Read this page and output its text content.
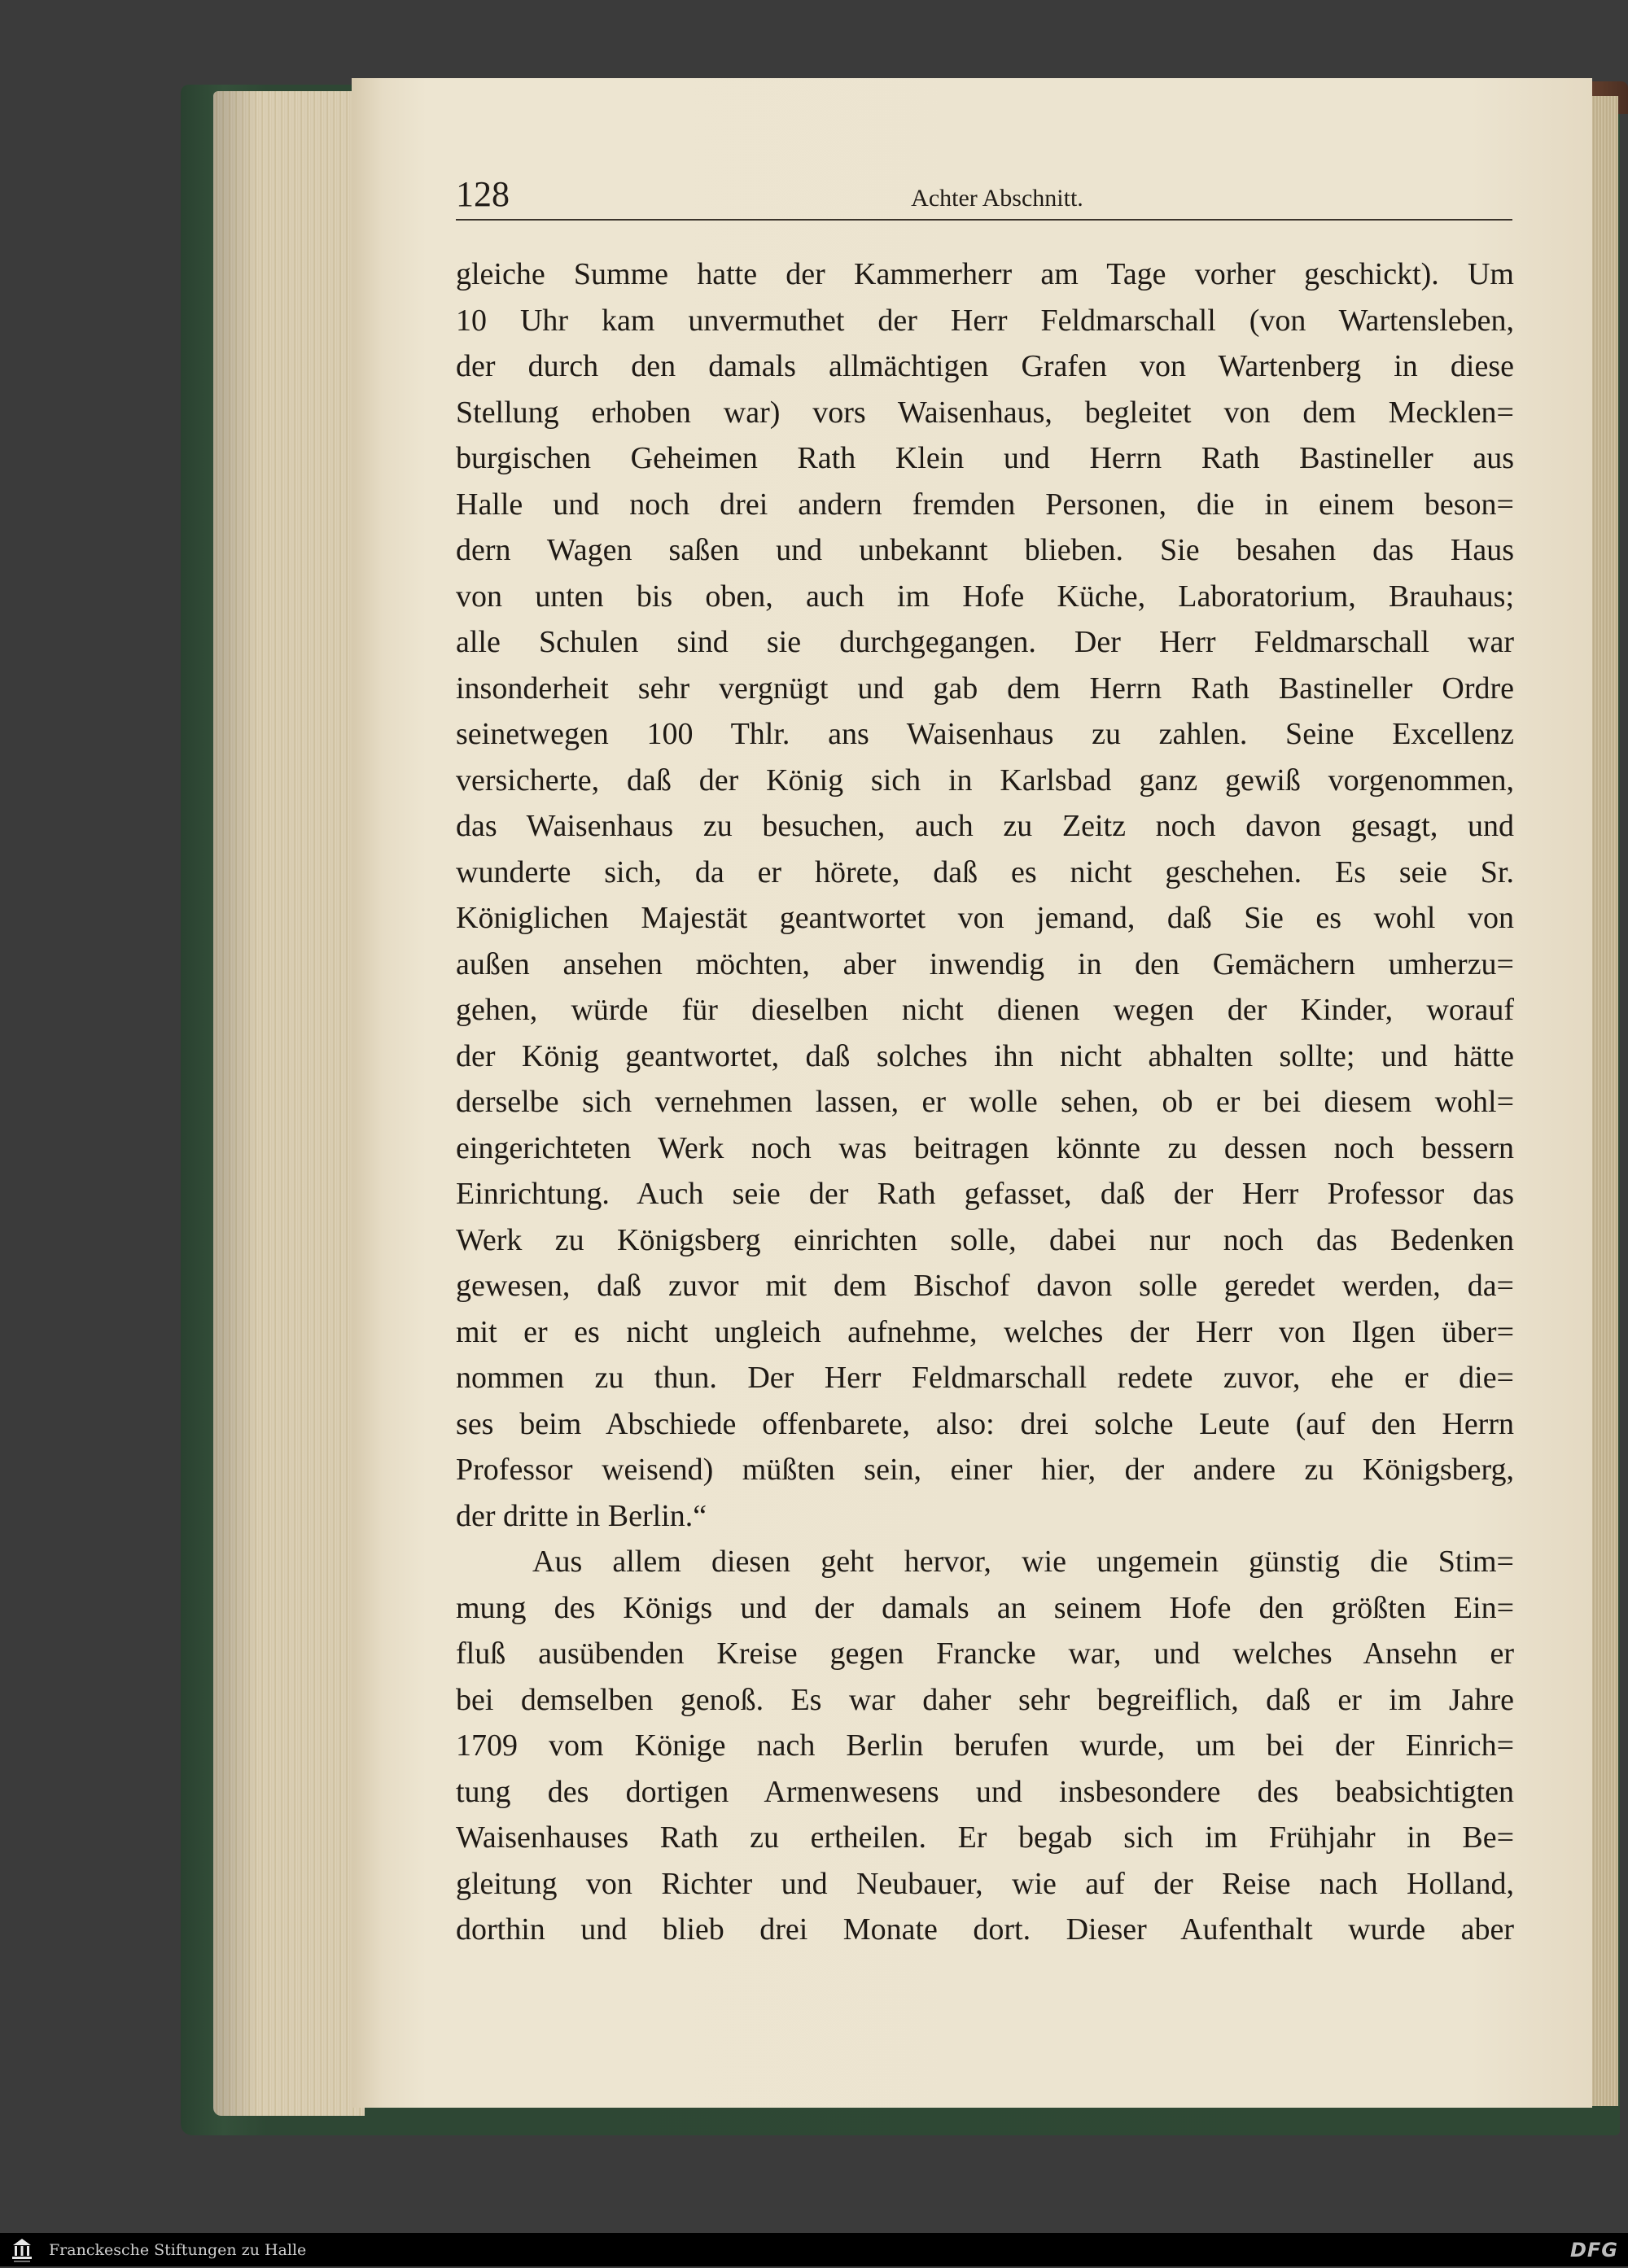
128	Achter Abschnitt.
gleiche Summe hatte der Kammerherr am Tage vorher geschickt). Um
10 Uhr kam unvermuthet der Herr Feldmarschall (von Wartensleben,
der durch den damals allmächtigen Grafen von Wartenberg in diese
Stellung erhoben war) vors Waisenhaus, begleitet von dem Mecklen=
burgischen Geheimen Rath Klein und Herrn Rath Bastineller aus
Halle und noch drei andern fremden Personen, die in einem beson=
dern Wagen saßen und unbekannt blieben. Sie besahen das Haus
von unten bis oben, auch im Hofe Küche, Laboratorium, Brauhaus;
alle Schulen sind sie durchgegangen. Der Herr Feldmarschall war
insonderheit sehr vergnügt und gab dem Herrn Rath Bastineller Ordre
seinetwegen 100 Thlr. ans Waisenhaus zu zahlen. Seine Excellenz
versicherte, daß der König sich in Karlsbad ganz gewiß vorgenommen,
das Waisenhaus zu besuchen, auch zu Zeitz noch davon gesagt, und
wunderte sich, da er hörete, daß es nicht geschehen. Es seie Sr.
Königlichen Majestät geantwortet von jemand, daß Sie es wohl von
außen ansehen möchten, aber inwendig in den Gemächern umherzu=
gehen, würde für dieselben nicht dienen wegen der Kinder, worauf
der König geantwortet, daß solches ihn nicht abhalten sollte; und hätte
derselbe sich vernehmen lassen, er wolle sehen, ob er bei diesem wohl=
eingerichteten Werk noch was beitragen könnte zu dessen noch bessern
Einrichtung. Auch seie der Rath gefasset, daß der Herr Professor das
Werk zu Königsberg einrichten solle, dabei nur noch das Bedenken
gewesen, daß zuvor mit dem Bischof davon solle geredet werden, da=
mit er es nicht ungleich aufnehme, welches der Herr von Ilgen über=
nommen zu thun. Der Herr Feldmarschall redete zuvor, ehe er die=
ses beim Abschiede offenbarete, also: drei solche Leute (auf den Herrn
Professor weisend) müßten sein, einer hier, der andere zu Königsberg,
der dritte in Berlin.“
Aus allem diesen geht hervor, wie ungemein günstig die Stim=
mung des Königs und der damals an seinem Hofe den größten Ein=
fluß ausübenden Kreise gegen Francke war, und welches Ansehn er
bei demselben genoß. Es war daher sehr begreiflich, daß er im Jahre
1709 vom Könige nach Berlin berufen wurde, um bei der Einrich=
tung des dortigen Armenwesens und insbesondere des beabsichtigten
Waisenhauses Rath zu ertheilen. Er begab sich im Frühjahr in Be=
gleitung von Richter und Neubauer, wie auf der Reise nach Holland,
dorthin und blieb drei Monate dort. Dieser Aufenthalt wurde aber
Franckesche Stiftungen zu Halle	DFG
